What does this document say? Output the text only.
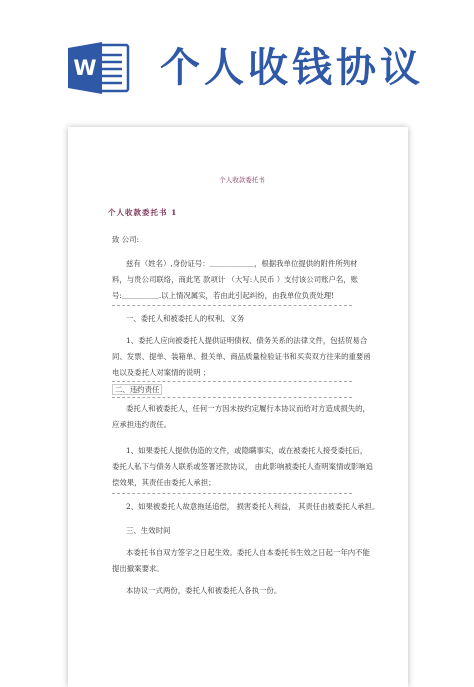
W 个人收钱协议
个人收款委托书
个人收款委托书 1
致 公司:
兹有（姓名）,身份证号：＿＿＿＿＿＿，根据我单位提供的附件所列材
料，与贵公司联络，商此笔 款项计 （大写:人民币 ）支付该公司账户名，账
号:＿＿＿＿＿.以上情况属实，若由此引起纠纷，由我单位负责处理!
一、委托人和被委托人的权利、义务
1、委托人应向被委托人提供证明债权、债务关系的法律文件，包括贸易合
同、发票、提单、装箱单、报关单、商品质量检验证书和买卖双方往来的重要函
电以及委托人对案情的说明 ；
二、违约责任
委托人和被委托人，任何一方因未按约定履行本协议而给对方造成损失的，
应承担违约责任。
1、如果委托人提供伪造的文件，或隐瞒事实，或在被委托人接受委托后，
委托人私下与债务人联系或签署还款协议， 由此影响被委托人查明案情或影响追
偿效果，其责任由委托人承担；
2、如果被委托人故意拖延追偿， 损害委托人利益， 其责任由被委托人承担。
三、生效时间
本委托书自双方签字之日起生效。委托人自本委托书生效之日起一年内不能
提出撤案要求。
本协议一式两份，委托人和被委托人各执一份。
